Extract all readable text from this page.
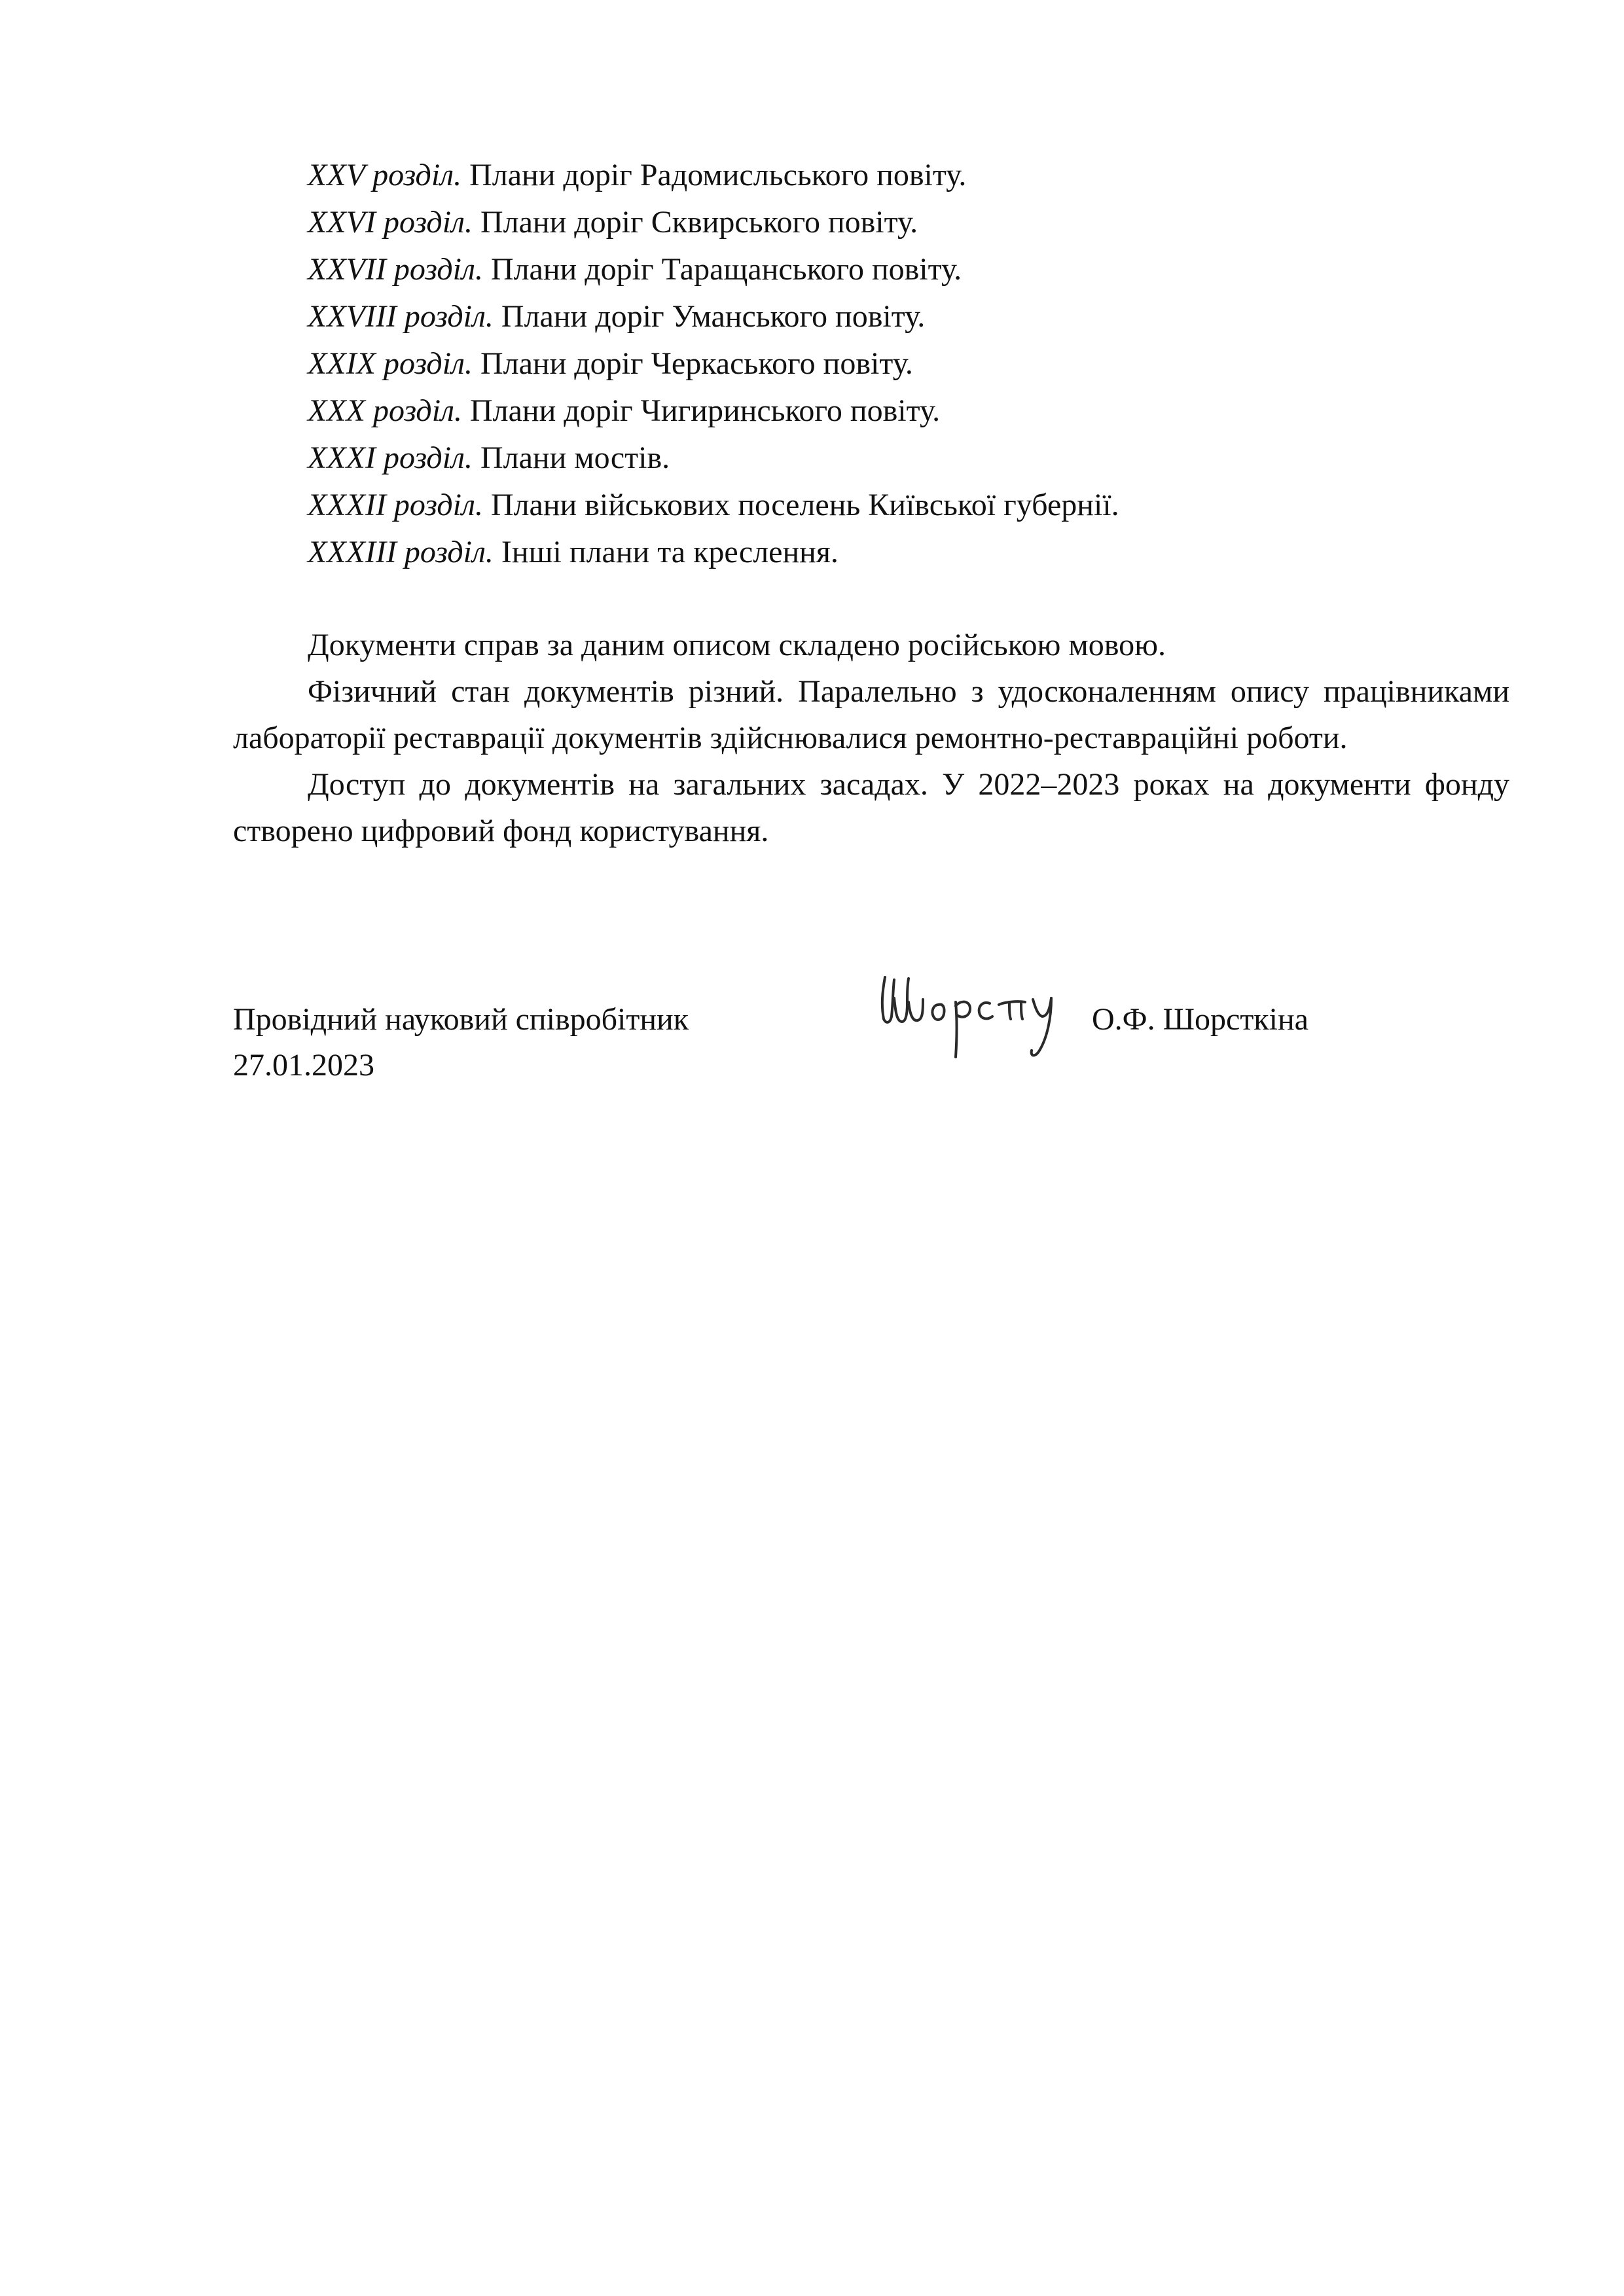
XXV розділ. Плани доріг Радомисльського повіту.
XXVI розділ. Плани доріг Сквирського повіту.
XXVII розділ. Плани доріг Таращанського повіту.
XXVIII розділ. Плани доріг Уманського повіту.
XXIX розділ. Плани доріг Черкаського повіту.
XXX розділ. Плани доріг Чигиринського повіту.
XXXI розділ. Плани мостів.
XXXII розділ. Плани військових поселень Київської губернії.
XXXIII розділ. Інші плани та креслення.

Документи справ за даним описом складено російською мовою.

Фізичний стан документів різний. Паралельно з удосконаленням опису працівниками лабораторії реставрації документів здійснювалися ремонтно-реставраційні роботи.

Доступ до документів на загальних засадах. У 2022–2023 роках на документи фонду створено цифровий фонд користування.

Провідний науковий співробітник
27.01.2023
О.Ф. Шорсткіна
